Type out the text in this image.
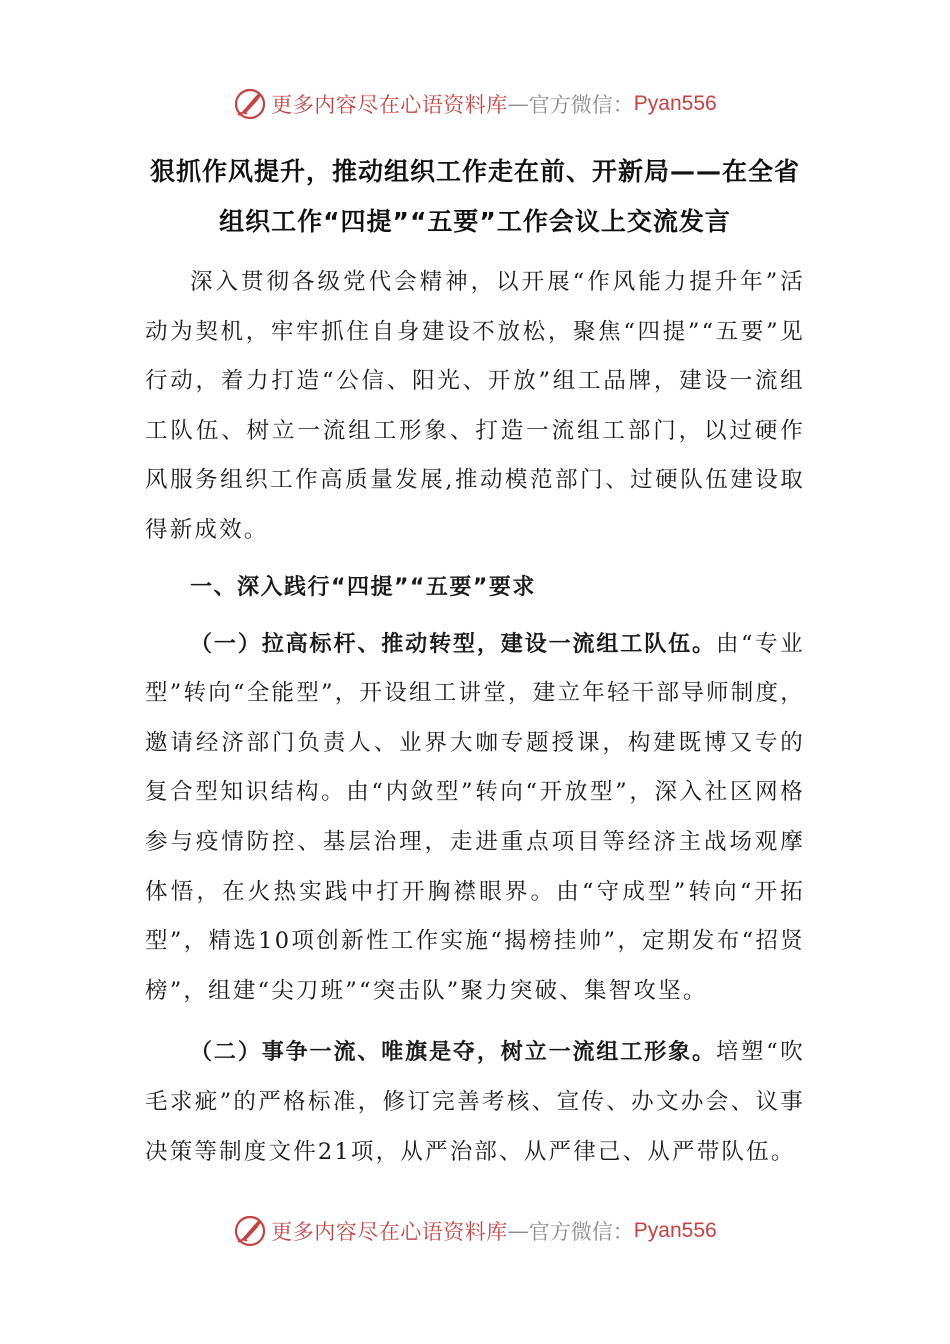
更多内容尽在心语资料库 — 官方微信： Pyan556
狠抓作风提升，推动组织工作走在前、开新局——在全省
组织工作“四提”“五要”工作会议上交流发言

深入贯彻各级党代会精神，以开展“作风能力提升年”活动为契机，牢牢抓住自身建设不放松，聚焦“四提”“五要”见行动，着力打造“公信、阳光、开放”组工品牌，建设一流组工队伍、树立一流组工形象、打造一流组工部门，以过硬作风服务组织工作高质量发展,推动模范部门、过硬队伍建设取得新成效。

一、深入践行“四提”“五要”要求

（一）拉高标杆、推动转型，建设一流组工队伍。由“专业型”转向“全能型”，开设组工讲堂，建立年轻干部导师制度，邀请经济部门负责人、业界大咖专题授课，构建既博又专的复合型知识结构。由“内敛型”转向“开放型”，深入社区网格参与疫情防控、基层治理，走进重点项目等经济主战场观摩体悟，在火热实践中打开胸襟眼界。由“守成型”转向“开拓型”，精选10项创新性工作实施“揭榜挂帅”，定期发布“招贤榜”，组建“尖刀班”“突击队”聚力突破、集智攻坚。

（二）事争一流、唯旗是夺，树立一流组工形象。培塑“吹毛求疵”的严格标准，修订完善考核、宣传、办文办会、议事决策等制度文件21项，从严治部、从严律己、从严带队伍。

更多内容尽在心语资料库 — 官方微信： Pyan556
